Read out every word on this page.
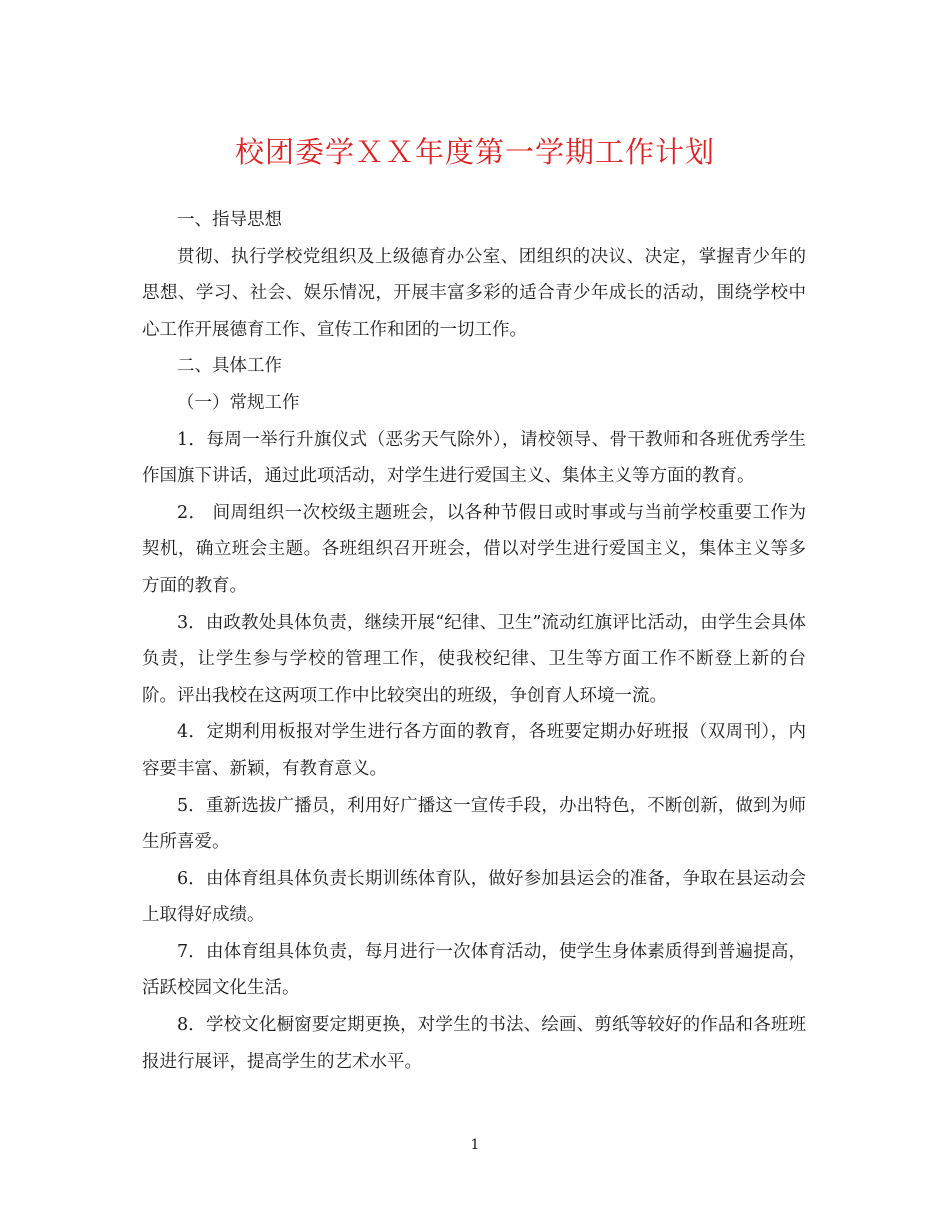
校团委学ＸＸ年度第一学期工作计划

一、指导思想

贯彻、执行学校党组织及上级德育办公室、团组织的决议、决定，掌握青少年的思想、学习、社会、娱乐情况，开展丰富多彩的适合青少年成长的活动，围绕学校中心工作开展德育工作、宣传工作和团的一切工作。

二、具体工作

（一）常规工作

1．每周一举行升旗仪式（恶劣天气除外），请校领导、骨干教师和各班优秀学生作国旗下讲话，通过此项活动，对学生进行爱国主义、集体主义等方面的教育。

2． 间周组织一次校级主题班会，以各种节假日或时事或与当前学校重要工作为契机，确立班会主题。各班组织召开班会，借以对学生进行爱国主义，集体主义等多方面的教育。

3．由政教处具体负责，继续开展“纪律、卫生”流动红旗评比活动，由学生会具体负责，让学生参与学校的管理工作，使我校纪律、卫生等方面工作不断登上新的台阶。评出我校在这两项工作中比较突出的班级，争创育人环境一流。

4．定期利用板报对学生进行各方面的教育，各班要定期办好班报（双周刊），内容要丰富、新颖，有教育意义。

5．重新选拔广播员，利用好广播这一宣传手段，办出特色，不断创新，做到为师生所喜爱。

6．由体育组具体负责长期训练体育队，做好参加县运会的准备，争取在县运动会上取得好成绩。

7．由体育组具体负责，每月进行一次体育活动，使学生身体素质得到普遍提高，活跃校园文化生活。

8．学校文化橱窗要定期更换，对学生的书法、绘画、剪纸等较好的作品和各班班报进行展评，提高学生的艺术水平。

1
